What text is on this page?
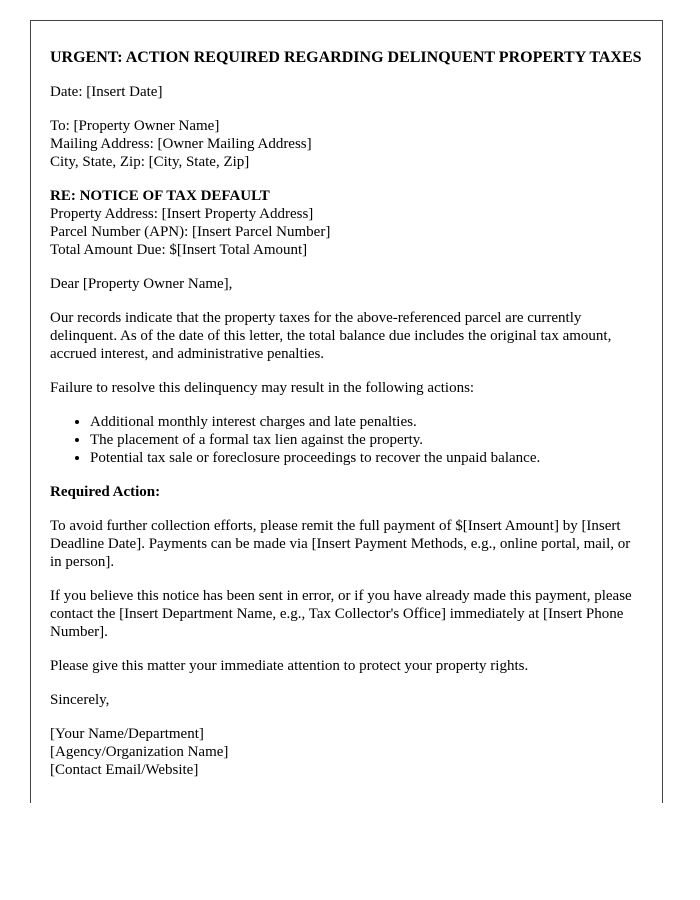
URGENT: ACTION REQUIRED REGARDING DELINQUENT PROPERTY TAXES

Date: [Insert Date]

To: [Property Owner Name]
Mailing Address: [Owner Mailing Address]
City, State, Zip: [City, State, Zip]

RE: NOTICE OF TAX DEFAULT
Property Address: [Insert Property Address]
Parcel Number (APN): [Insert Parcel Number]
Total Amount Due: $[Insert Total Amount]

Dear [Property Owner Name],

Our records indicate that the property taxes for the above-referenced parcel are currently delinquent. As of the date of this letter, the total balance due includes the original tax amount, accrued interest, and administrative penalties.

Failure to resolve this delinquency may result in the following actions:

• Additional monthly interest charges and late penalties.
• The placement of a formal tax lien against the property.
• Potential tax sale or foreclosure proceedings to recover the unpaid balance.

Required Action:

To avoid further collection efforts, please remit the full payment of $[Insert Amount] by [Insert Deadline Date]. Payments can be made via [Insert Payment Methods, e.g., online portal, mail, or in person].

If you believe this notice has been sent in error, or if you have already made this payment, please contact the [Insert Department Name, e.g., Tax Collector's Office] immediately at [Insert Phone Number].

Please give this matter your immediate attention to protect your property rights.

Sincerely,

[Your Name/Department]
[Agency/Organization Name]
[Contact Email/Website]
